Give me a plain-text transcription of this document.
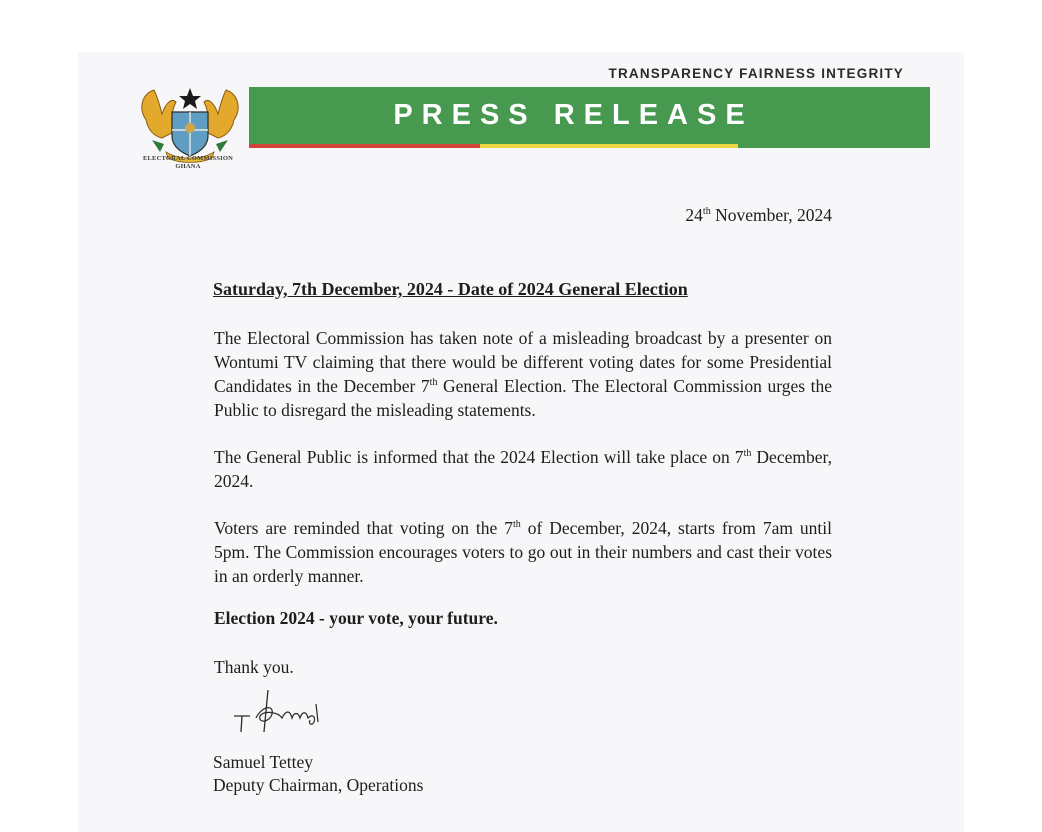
TRANSPARENCY FAIRNESS INTEGRITY
ELECTORAL COMMISSION
GHANA
PRESS RELEASE
24th November, 2024
Saturday, 7th December, 2024 - Date of 2024 General Election

The Electoral Commission has taken note of a misleading broadcast by a presenter on Wontumi TV claiming that there would be different voting dates for some Presidential Candidates in the December 7th General Election. The Electoral Commission urges the Public to disregard the misleading statements.

The General Public is informed that the 2024 Election will take place on 7th December, 2024.

Voters are reminded that voting on the 7th of December, 2024, starts from 7am until 5pm. The Commission encourages voters to go out in their numbers and cast their votes in an orderly manner.

Election 2024 - your vote, your future.
Thank you.
Samuel Tettey
Deputy Chairman, Operations
